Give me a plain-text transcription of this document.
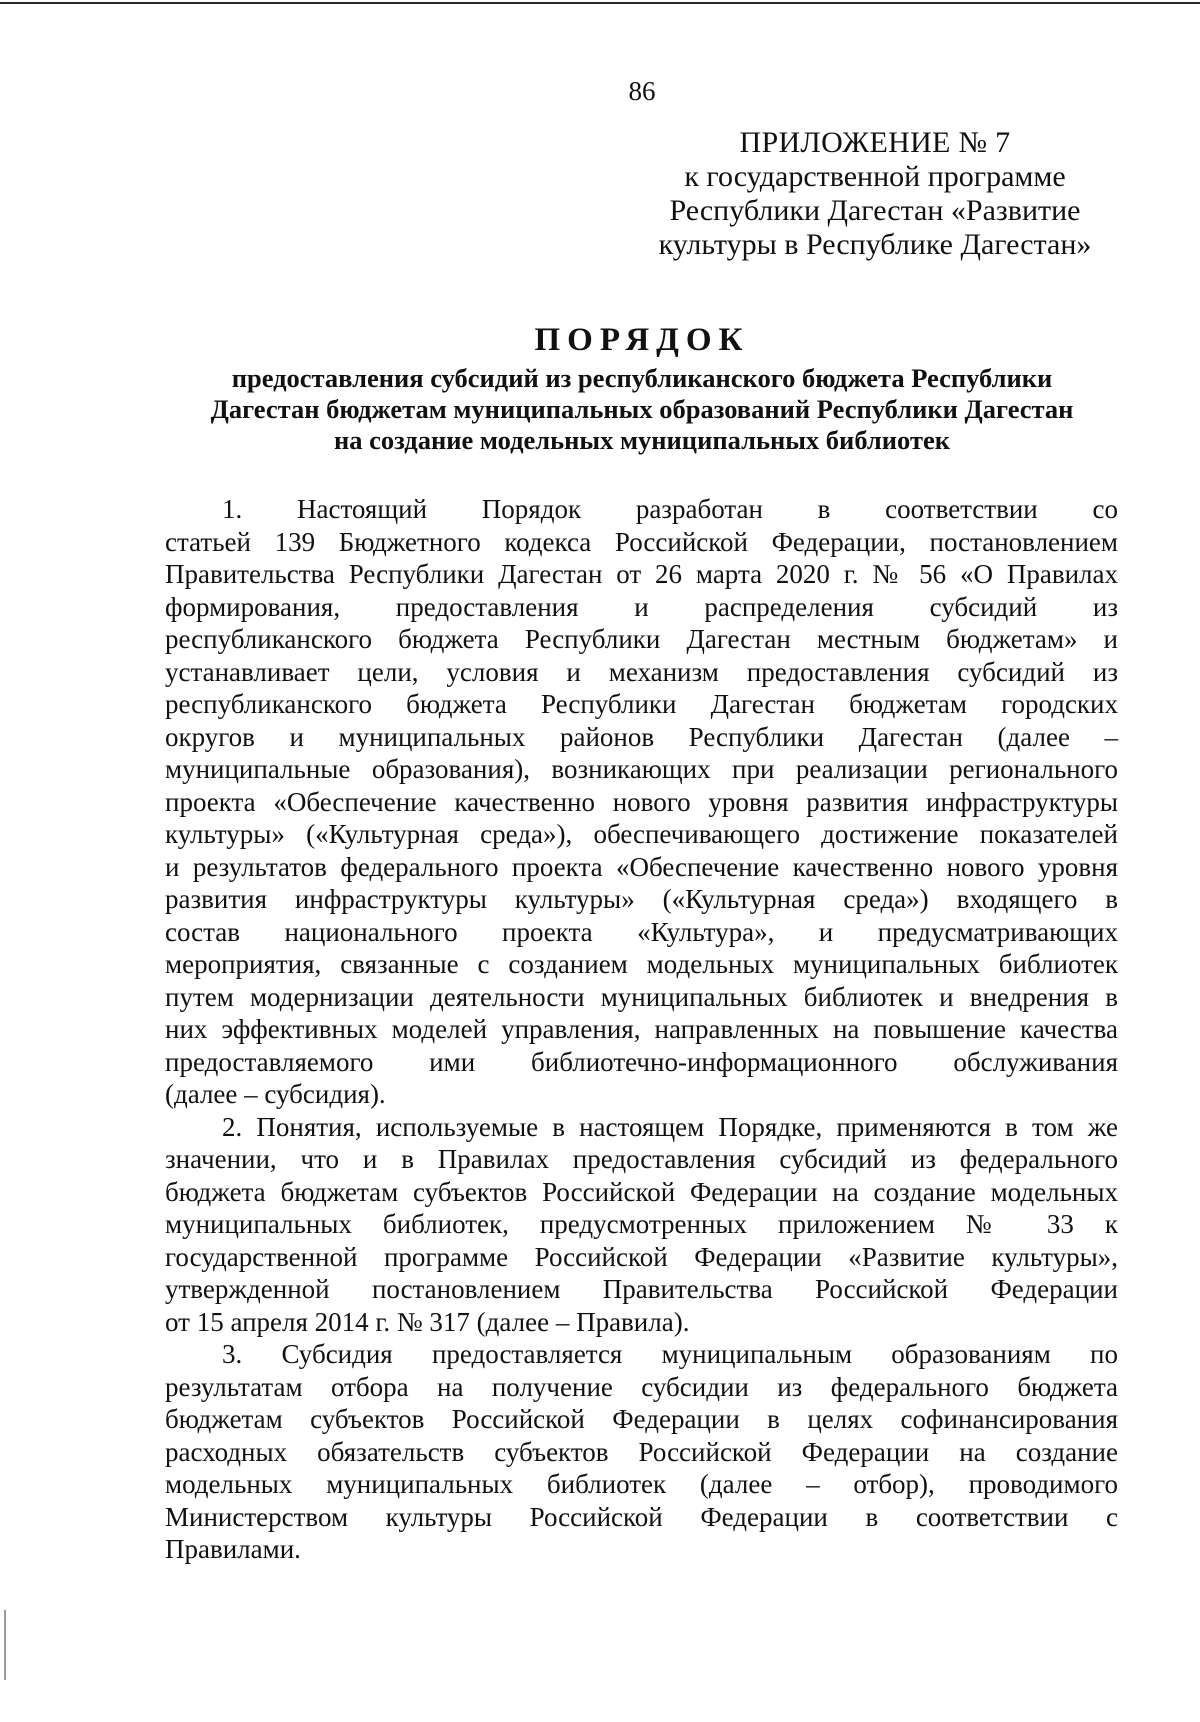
86
ПРИЛОЖЕНИЕ № 7
к государственной программе
Республики Дагестан «Развитие
культуры в Республике Дагестан»
ПОРЯДОК
предоставления субсидий из республиканского бюджета Республики
Дагестан бюджетам муниципальных образований Республики Дагестан
на создание модельных муниципальных библиотек
1. Настоящий Порядок разработан в соответствии со
статьей 139 Бюджетного кодекса Российской Федерации, постановлением
Правительства Республики Дагестан от 26 марта 2020 г. № 56 «О Правилах
формирования, предоставления и распределения субсидий из
республиканского бюджета Республики Дагестан местным бюджетам» и
устанавливает цели, условия и механизм предоставления субсидий из
республиканского бюджета Республики Дагестан бюджетам городских
округов и муниципальных районов Республики Дагестан (далее –
муниципальные образования), возникающих при реализации регионального
проекта «Обеспечение качественно нового уровня развития инфраструктуры
культуры» («Культурная среда»), обеспечивающего достижение показателей
и результатов федерального проекта «Обеспечение качественно нового уровня
развития инфраструктуры культуры» («Культурная среда») входящего в
состав национального проекта «Культура», и предусматривающих
мероприятия, связанные с созданием модельных муниципальных библиотек
путем модернизации деятельности муниципальных библиотек и внедрения в
них эффективных моделей управления, направленных на повышение качества
предоставляемого ими библиотечно-информационного обслуживания
(далее – субсидия).
2. Понятия, используемые в настоящем Порядке, применяются в том же
значении, что и в Правилах предоставления субсидий из федерального
бюджета бюджетам субъектов Российской Федерации на создание модельных
муниципальных библиотек, предусмотренных приложением № 33 к
государственной программе Российской Федерации «Развитие культуры»,
утвержденной постановлением Правительства Российской Федерации
от 15 апреля 2014 г. № 317 (далее – Правила).
3. Субсидия предоставляется муниципальным образованиям по
результатам отбора на получение субсидии из федерального бюджета
бюджетам субъектов Российской Федерации в целях софинансирования
расходных обязательств субъектов Российской Федерации на создание
модельных муниципальных библиотек (далее – отбор), проводимого
Министерством культуры Российской Федерации в соответствии с
Правилами.
